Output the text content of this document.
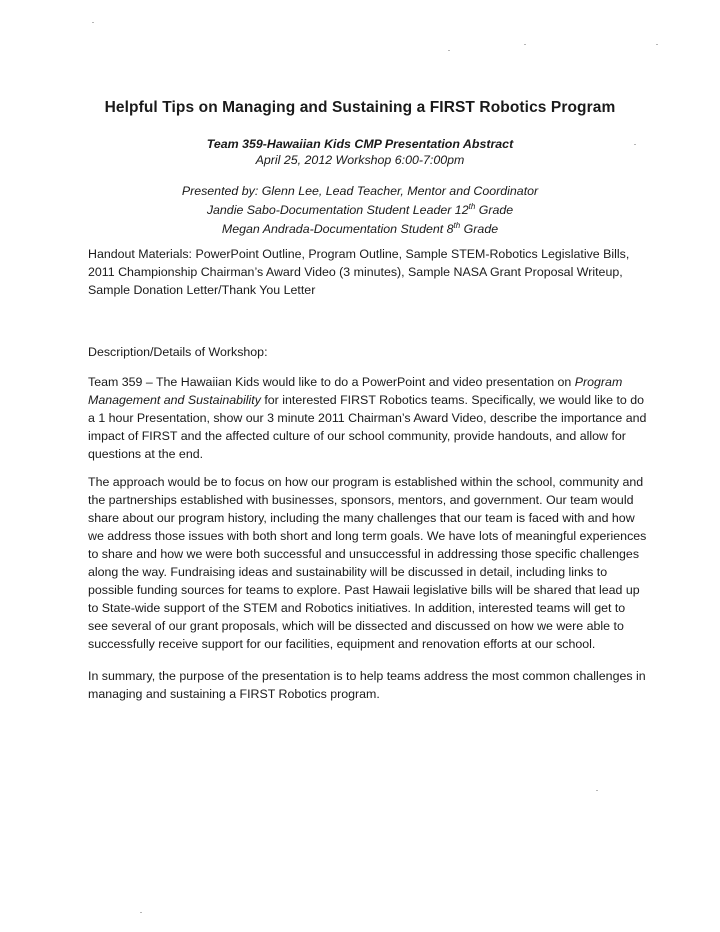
Helpful Tips on Managing and Sustaining a FIRST Robotics Program
Team 359-Hawaiian Kids CMP Presentation Abstract
April 25, 2012 Workshop 6:00-7:00pm
Presented by: Glenn Lee, Lead Teacher, Mentor and Coordinator
Jandie Sabo-Documentation Student Leader 12th Grade
Megan Andrada-Documentation Student 8th Grade
Handout Materials: PowerPoint Outline, Program Outline, Sample STEM-Robotics Legislative Bills, 2011 Championship Chairman’s Award Video (3 minutes), Sample NASA Grant Proposal Writeup, Sample Donation Letter/Thank You Letter
Description/Details of Workshop:

Team 359 – The Hawaiian Kids would like to do a PowerPoint and video presentation on Program Management and Sustainability for interested FIRST Robotics teams. Specifically, we would like to do a 1 hour Presentation, show our 3 minute 2011 Chairman’s Award Video, describe the importance and impact of FIRST and the affected culture of our school community, provide handouts, and allow for questions at the end.

The approach would be to focus on how our program is established within the school, community and the partnerships established with businesses, sponsors, mentors, and government. Our team would share about our program history, including the many challenges that our team is faced with and how we address those issues with both short and long term goals. We have lots of meaningful experiences to share and how we were both successful and unsuccessful in addressing those specific challenges along the way. Fundraising ideas and sustainability will be discussed in detail, including links to possible funding sources for teams to explore. Past Hawaii legislative bills will be shared that lead up to State-wide support of the STEM and Robotics initiatives. In addition, interested teams will get to see several of our grant proposals, which will be dissected and discussed on how we were able to successfully receive support for our facilities, equipment and renovation efforts at our school.
In summary, the purpose of the presentation is to help teams address the most common challenges in managing and sustaining a FIRST Robotics program.
